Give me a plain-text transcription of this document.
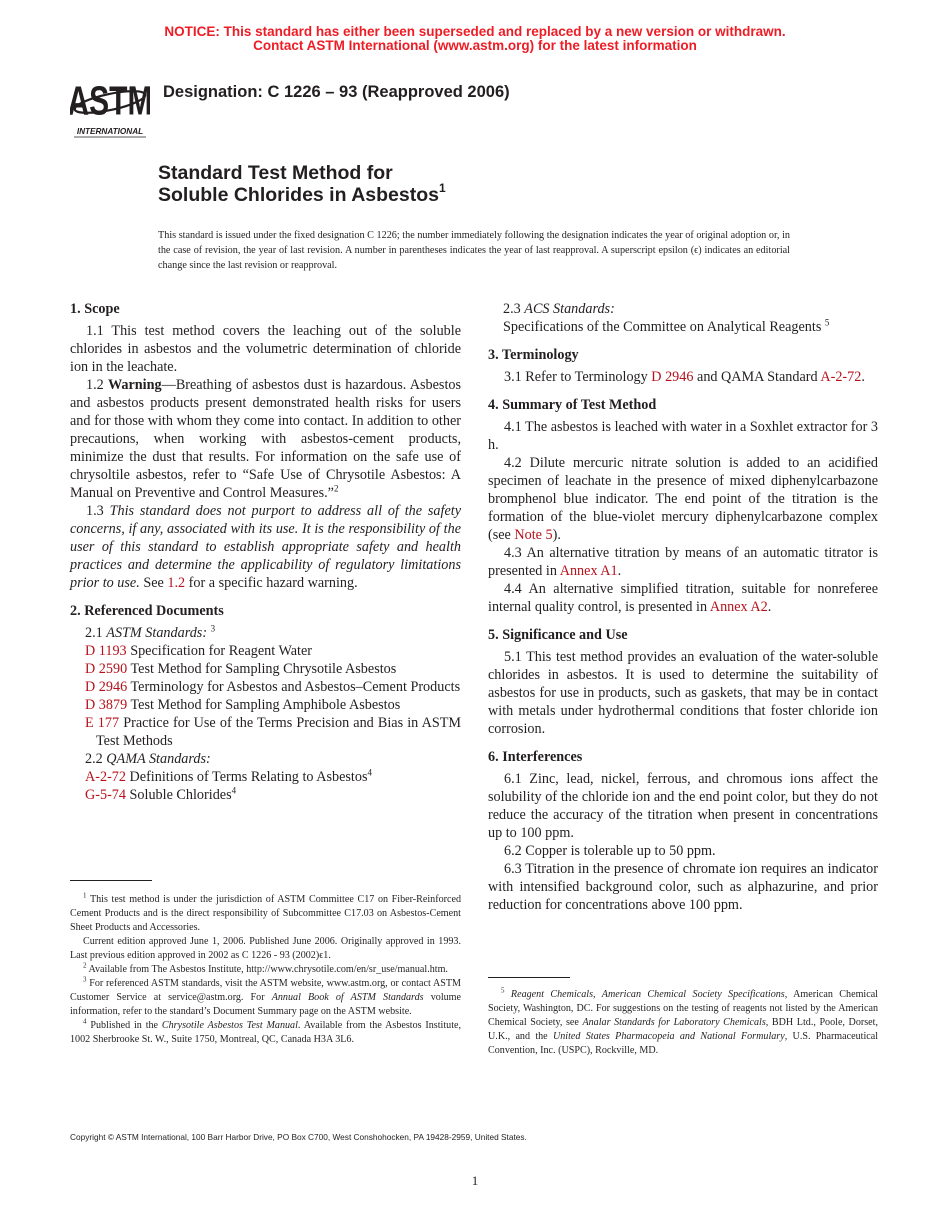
NOTICE: This standard has either been superseded and replaced by a new version or withdrawn.
Contact ASTM International (www.astm.org) for the latest information
ASTM
INTERNATIONAL
Designation: C 1226 – 93 (Reapproved 2006)
Standard Test Method for
Soluble Chlorides in Asbestos$^1$
This standard is issued under the fixed designation C 1226; the number immediately following the designation indicates the year of original adoption or, in the case of revision, the year of last revision. A number in parentheses indicates the year of last reapproval. A superscript epsilon (ϵ) indicates an editorial change since the last revision or reapproval.
1. Scope

1.1 This test method covers the leaching out of the soluble chlorides in asbestos and the volumetric determination of chloride ion in the leachate.

1.2 Warning—Breathing of asbestos dust is hazardous. Asbestos and asbestos products present demonstrated health risks for users and for those with whom they come into contact. In addition to other precautions, when working with asbestos-cement products, minimize the dust that results. For information on the safe use of chrysoltile asbestos, refer to “Safe Use of Chrysotile Asbestos: A Manual on Preventive and Control Measures.”$^2$

1.3 This standard does not purport to address all of the safety concerns, if any, associated with its use. It is the responsibility of the user of this standard to establish appropriate safety and health practices and determine the applicability of regulatory limitations prior to use. See 1.2 for a specific hazard warning.

2. Referenced Documents

2.1 ASTM Standards: $^3$

D 1193 Specification for Reagent Water

D 2590 Test Method for Sampling Chrysotile Asbestos

D 2946 Terminology for Asbestos and Asbestos–Cement Products

D 3879 Test Method for Sampling Amphibole Asbestos

E 177 Practice for Use of the Terms Precision and Bias in ASTM Test Methods

2.2 QAMA Standards:

A-2-72 Definitions of Terms Relating to Asbestos$^4$

G-5-74 Soluble Chlorides$^4$

$^1$ This test method is under the jurisdiction of ASTM Committee C17 on Fiber-Reinforced Cement Products and is the direct responsibility of Subcommittee C17.03 on Asbestos-Cement Sheet Products and Accessories.

Current edition approved June 1, 2006. Published June 2006. Originally approved in 1993. Last previous edition approved in 2002 as C 1226 - 93 (2002)ϵ1.

$^2$ Available from The Asbestos Institute, http://www.chrysotile.com/en/sr_use/manual.htm.

$^3$ For referenced ASTM standards, visit the ASTM website, www.astm.org, or contact ASTM Customer Service at service@astm.org. For Annual Book of ASTM Standards volume information, refer to the standard’s Document Summary page on the ASTM website.

$^4$ Published in the Chrysotile Asbestos Test Manual. Available from the Asbestos Institute, 1002 Sherbrooke St. W., Suite 1750, Montreal, QC, Canada H3A 3L6.

2.3 ACS Standards:

Specifications of the Committee on Analytical Reagents $^5$

3. Terminology

3.1 Refer to Terminology D 2946 and QAMA Standard A-2-72.

4. Summary of Test Method

4.1 The asbestos is leached with water in a Soxhlet extractor for 3 h.

4.2 Dilute mercuric nitrate solution is added to an acidified specimen of leachate in the presence of mixed diphenylcarbazone bromphenol blue indicator. The end point of the titration is the formation of the blue-violet mercury diphenylcarbazone complex (see Note 5).

4.3 An alternative titration by means of an automatic titrator is presented in Annex A1.

4.4 An alternative simplified titration, suitable for nonreferee internal quality control, is presented in Annex A2.

5. Significance and Use

5.1 This test method provides an evaluation of the water-soluble chlorides in asbestos. It is used to determine the suitability of asbestos for use in products, such as gaskets, that may be in contact with metals under hydrothermal conditions that foster chloride ion corrosion.

6. Interferences

6.1 Zinc, lead, nickel, ferrous, and chromous ions affect the solubility of the chloride ion and the end point color, but they do not reduce the accuracy of the titration when present in concentrations up to 100 ppm.

6.2 Copper is tolerable up to 50 ppm.

6.3 Titration in the presence of chromate ion requires an indicator with intensified background color, such as alphazurine, and prior reduction for concentrations above 100 ppm.

$^5$ Reagent Chemicals, American Chemical Society Specifications, American Chemical Society, Washington, DC. For suggestions on the testing of reagents not listed by the American Chemical Society, see Analar Standards for Laboratory Chemicals, BDH Ltd., Poole, Dorset, U.K., and the United States Pharmacopeia and National Formulary, U.S. Pharmaceutical Convention, Inc. (USPC), Rockville, MD.

Copyright © ASTM International, 100 Barr Harbor Drive, PO Box C700, West Conshohocken, PA 19428-2959, United States.
1
